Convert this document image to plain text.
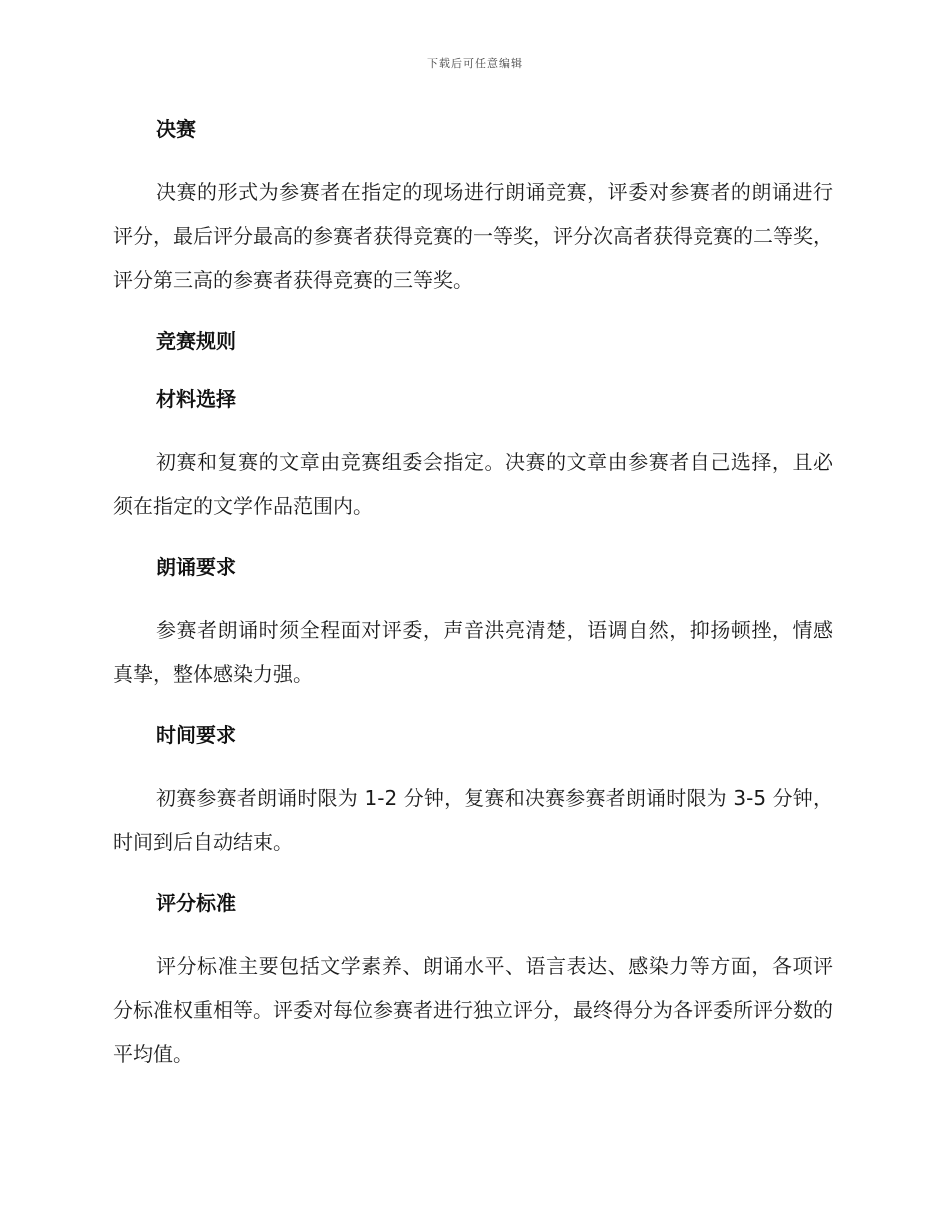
下载后可任意编辑
决赛
决赛的形式为参赛者在指定的现场进行朗诵竞赛，评委对参赛者的朗诵进行评分，最后评分最高的参赛者获得竞赛的一等奖，评分次高者获得竞赛的二等奖，评分第三高的参赛者获得竞赛的三等奖。
竞赛规则
材料选择
初赛和复赛的文章由竞赛组委会指定。决赛的文章由参赛者自己选择，且必须在指定的文学作品范围内。
朗诵要求
参赛者朗诵时须全程面对评委，声音洪亮清楚，语调自然，抑扬顿挫，情感真挚，整体感染力强。
时间要求
初赛参赛者朗诵时限为 1-2 分钟，复赛和决赛参赛者朗诵时限为 3-5 分钟，时间到后自动结束。
评分标准
评分标准主要包括文学素养、朗诵水平、语言表达、感染力等方面，各项评分标准权重相等。评委对每位参赛者进行独立评分，最终得分为各评委所评分数的平均值。
